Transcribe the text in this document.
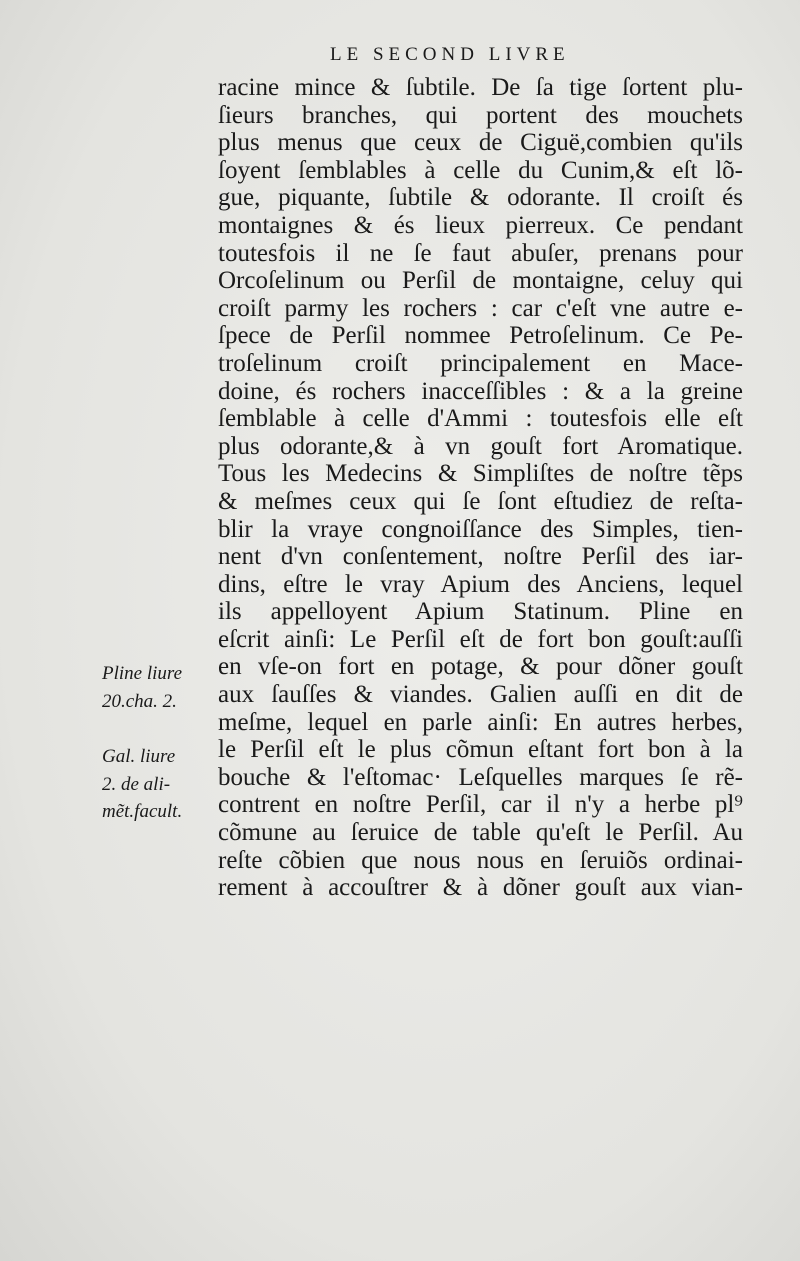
LE SECOND LIVRE
racine mince & ſubtile. De ſa tige ſortent plu-
ſieurs branches, qui portent des mouchets
plus menus que ceux de Ciguë,combien qu'ils
ſoyent ſemblables à celle du Cunim,& eſt lõ-
gue, piquante, ſubtile & odorante. Il croiſt és
montaignes & és lieux pierreux. Ce pendant
toutesfois il ne ſe faut abuſer, prenans pour
Orcoſelinum ou Perſil de montaigne, celuy qui
croiſt parmy les rochers : car c'eſt vne autre e-
ſpece de Perſil nommee Petroſelinum. Ce Pe-
troſelinum croiſt principalement en Mace-
doine, és rochers inacceſſibles : & a la greine
ſemblable à celle d'Ammi : toutesfois elle eſt
plus odorante,& à vn gouſt fort Aromatique.
Tous les Medecins & Simpliſtes de noſtre tẽps
& meſmes ceux qui ſe ſont eſtudiez de reſta-
blir la vraye congnoiſſance des Simples, tien-
nent d'vn conſentement, noſtre Perſil des iar-
dins, eſtre le vray Apium des Anciens, lequel
ils appelloyent Apium Statinum. Pline en
eſcrit ainſi: Le Perſil eſt de fort bon gouſt:auſſi
en vſe-on fort en potage, & pour dõner gouſt
aux ſauſſes & viandes. Galien auſſi en dit de
meſme, lequel en parle ainſi: En autres herbes,
le Perſil eſt le plus cõmun eſtant fort bon à la
bouche & l'eſtomac· Leſquelles marques ſe rẽ-
contrent en noſtre Perſil, car il n'y a herbe pl⁹
cõmune au ſeruice de table qu'eſt le Perſil. Au
reſte cõbien que nous nous en ſeruiõs ordinai-
rement à accouſtrer & à dõner gouſt aux vian-
Pline liure
20.cha. 2.
Gal. liure
2. de ali-
mẽt.facult.
